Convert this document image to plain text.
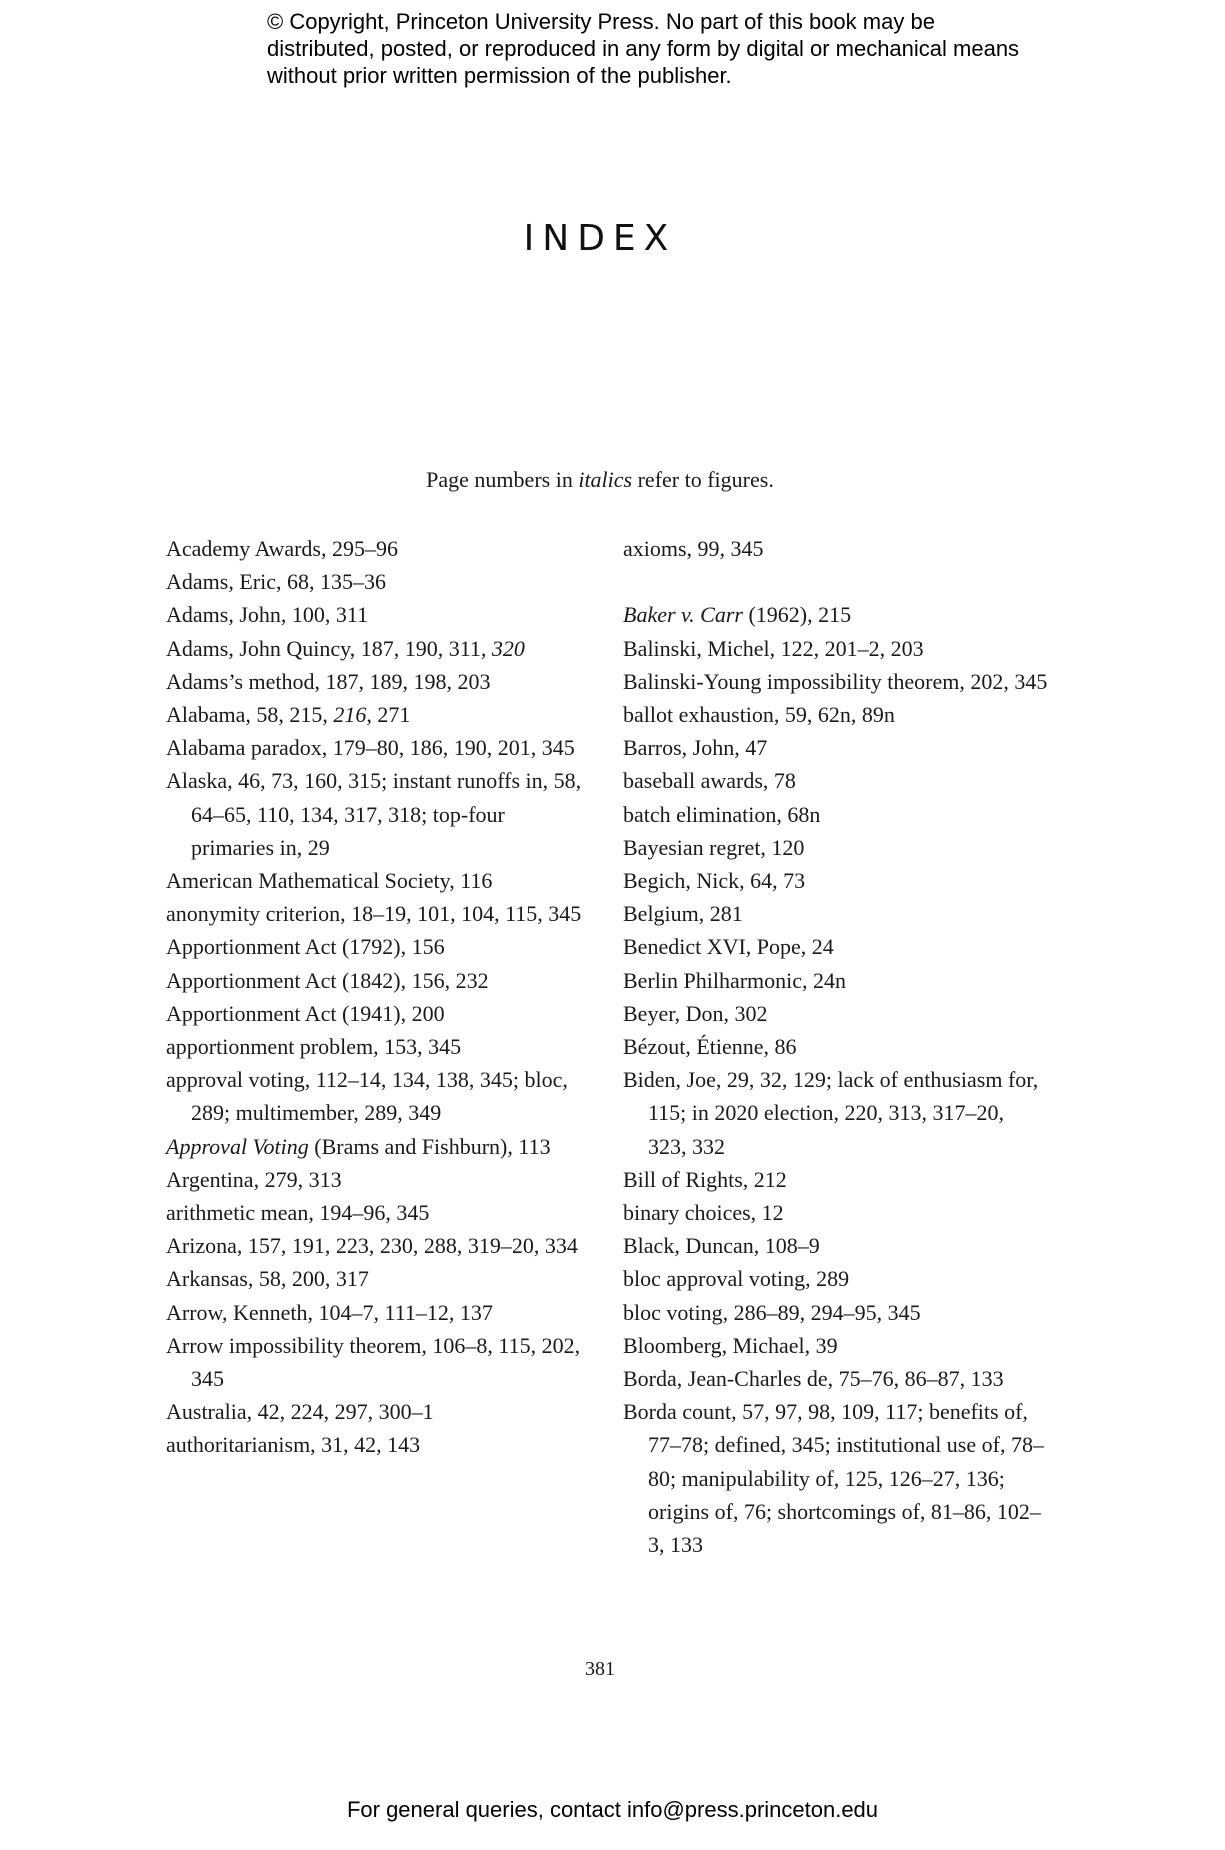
© Copyright, Princeton University Press. No part of this book may be distributed, posted, or reproduced in any form by digital or mechanical means without prior written permission of the publisher.
INDEX
Page numbers in italics refer to figures.

Academy Awards, 295–96

Adams, Eric, 68, 135–36

Adams, John, 100, 311

Adams, John Quincy, 187, 190, 311, 320

Adams’s method, 187, 189, 198, 203

Alabama, 58, 215, 216, 271

Alabama paradox, 179–80, 186, 190, 201, 345

Alaska, 46, 73, 160, 315; instant runoffs in, 58, 64–65, 110, 134, 317, 318; top-four primaries in, 29

American Mathematical Society, 116

anonymity criterion, 18–19, 101, 104, 115, 345

Apportionment Act (1792), 156

Apportionment Act (1842), 156, 232

Apportionment Act (1941), 200

apportionment problem, 153, 345

approval voting, 112–14, 134, 138, 345; bloc, 289; multimember, 289, 349

Approval Voting (Brams and Fishburn), 113

Argentina, 279, 313

arithmetic mean, 194–96, 345

Arizona, 157, 191, 223, 230, 288, 319–20, 334

Arkansas, 58, 200, 317

Arrow, Kenneth, 104–7, 111–12, 137

Arrow impossibility theorem, 106–8, 115, 202, 345

Australia, 42, 224, 297, 300–1

authoritarianism, 31, 42, 143

axioms, 99, 345

Baker v. Carr (1962), 215

Balinski, Michel, 122, 201–2, 203

Balinski-Young impossibility theorem, 202, 345

ballot exhaustion, 59, 62n, 89n

Barros, John, 47

baseball awards, 78

batch elimination, 68n

Bayesian regret, 120

Begich, Nick, 64, 73

Belgium, 281

Benedict XVI, Pope, 24

Berlin Philharmonic, 24n

Beyer, Don, 302

Bézout, Étienne, 86

Biden, Joe, 29, 32, 129; lack of enthusiasm for, 115; in 2020 election, 220, 313, 317–20, 323, 332

Bill of Rights, 212

binary choices, 12

Black, Duncan, 108–9

bloc approval voting, 289

bloc voting, 286–89, 294–95, 345

Bloomberg, Michael, 39

Borda, Jean-Charles de, 75–76, 86–87, 133

Borda count, 57, 97, 98, 109, 117; benefits of, 77–78; defined, 345; institutional use of, 78–80; manipulability of, 125, 126–27, 136; origins of, 76; shortcomings of, 81–86, 102–3, 133

381
For general queries, contact info@press.princeton.edu
